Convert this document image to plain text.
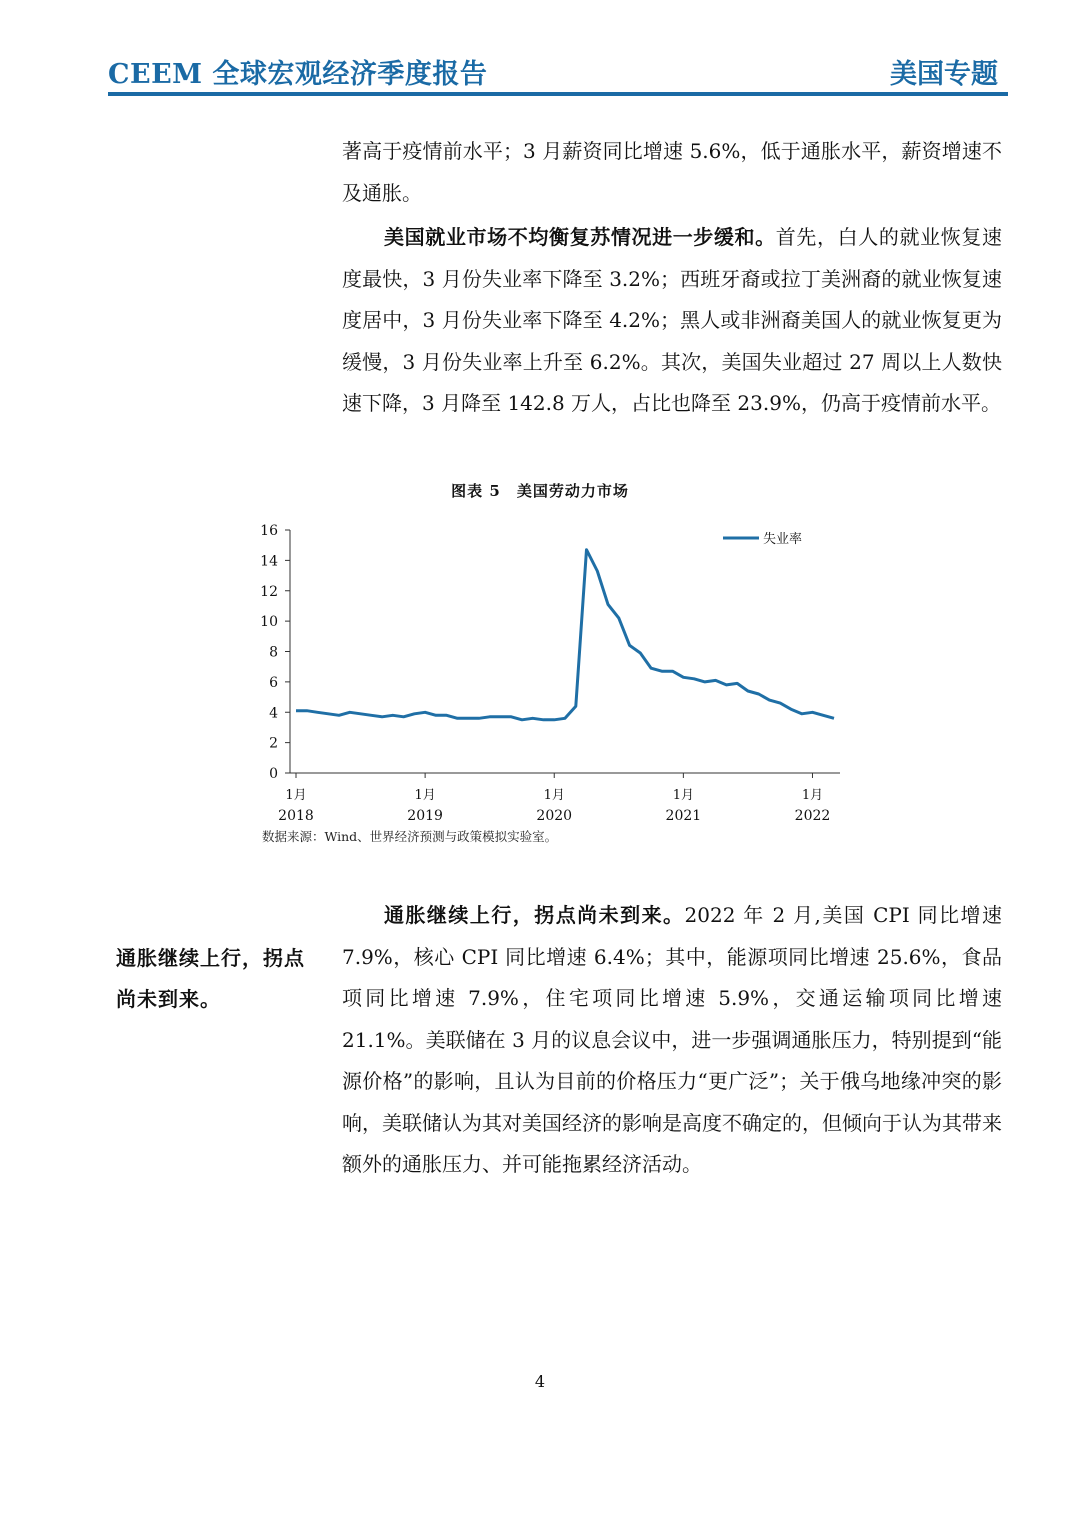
CEEM 全球宏观经济季度报告	美国专题
著高于疫情前水平；3 月薪资同比增速 5.6%，低于通胀水平，薪资增速不及通胀。
美国就业市场不均衡复苏情况进一步缓和。首先，白人的就业恢复速度最快，3 月份失业率下降至 3.2%；西班牙裔或拉丁美洲裔的就业恢复速度居中，3 月份失业率下降至 4.2%；黑人或非洲裔美国人的就业恢复更为缓慢，3 月份失业率上升至 6.2%。其次，美国失业超过 27 周以上人数快速下降，3 月降至 142.8 万人，占比也降至 23.9%，仍高于疫情前水平。
图表 5 美国劳动力市场
0
2
4
6
8
10
12
14
16
1月
2018
1月
2019
1月
2020
1月
2021
1月
2022
失业率
数据来源：Wind、世界经济预测与政策模拟实验室。
通胀继续上行，拐点尚未到来。2022 年 2 月,美国 CPI 同比增速 7.9%，核心 CPI 同比增速 6.4%；其中，能源项同比增速 25.6%，食品项同比增速 7.9%，住宅项同比增速 5.9%，交通运输项同比增速 21.1%。美联储在 3 月的议息会议中，进一步强调通胀压力，特别提到“能源价格”的影响，且认为目前的价格压力“更广泛”；关于俄乌地缘冲突的影响，美联储认为其对美国经济的影响是高度不确定的，但倾向于认为其带来额外的通胀压力、并可能拖累经济活动。
通胀继续上行，拐点尚未到来。
4
